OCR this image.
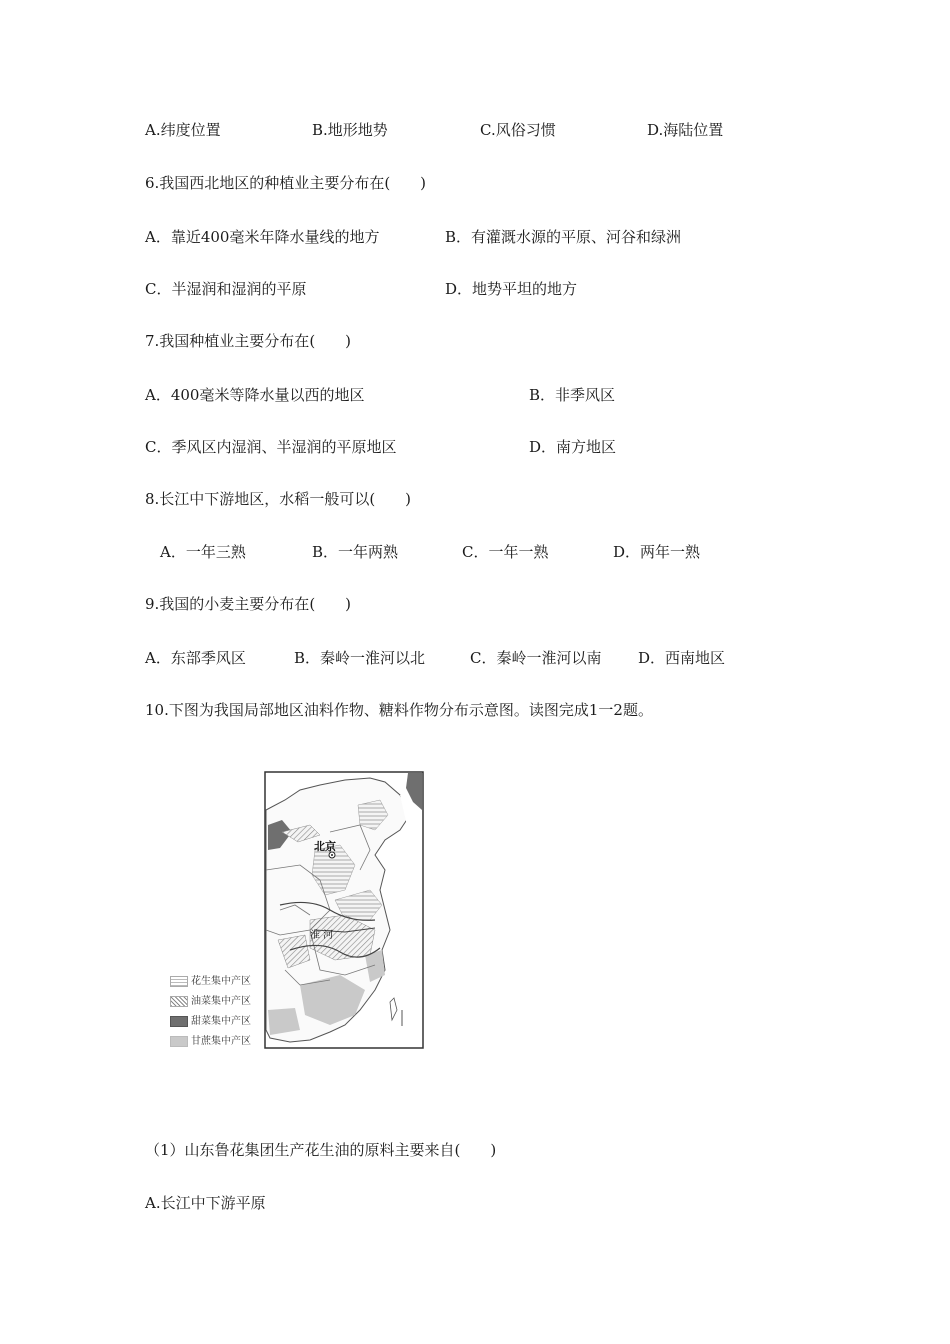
A.纬度位置	B.地形地势	C.风俗习惯	D.海陆位置
6.我国西北地区的种植业主要分布在(　　)
A．靠近400毫米年降水量线的地方	B．有灌溉水源的平原、河谷和绿洲
C．半湿润和湿润的平原	D．地势平坦的地方
7.我国种植业主要分布在(　　)
A．400毫米等降水量以西的地区	B．非季风区
C．季风区内湿润、半湿润的平原地区	D．南方地区
8.长江中下游地区，水稻一般可以(　　)
A．一年三熟	B．一年两熟	C．一年一熟	D．两年一熟
9.我国的小麦主要分布在(　　)
A．东部季风区	B．秦岭一淮河以北	C．秦岭一淮河以南 D．西南地区
10.下图为我国局部地区油料作物、糖料作物分布示意图。读图完成1一2题。
北京
淮 河
花生集中产区
油菜集中产区
甜菜集中产区
甘蔗集中产区
（1）山东鲁花集团生产花生油的原料主要来自(　　)
A.长江中下游平原
